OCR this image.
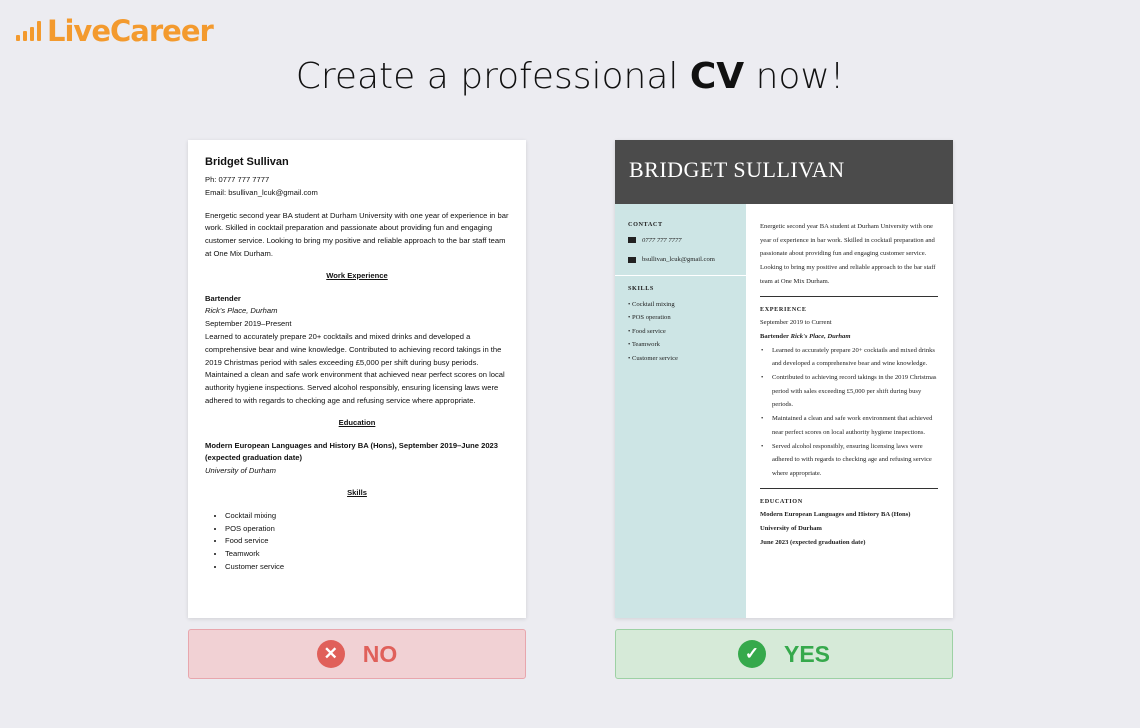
LiveCareer
Create a professional CV now!
Bridget Sullivan

Ph: 0777 777 7777

Email: bsullivan_lcuk@gmail.com

Energetic second year BA student at Durham University with one year of experience in bar work. Skilled in cocktail preparation and passionate about providing fun and engaging customer service. Looking to bring my positive and reliable approach to the bar staff team at One Mix Durham.

Work Experience

Bartender

Rick’s Place, Durham

September 2019–Present

Learned to accurately prepare 20+ cocktails and mixed drinks and developed a comprehensive bear and wine knowledge. Contributed to achieving record takings in the 2019 Christmas period with sales exceeding £5,000 per shift during busy periods. Maintained a clean and safe work environment that achieved near perfect scores on local authority hygiene inspections. Served alcohol responsibly, ensuring licensing laws were adhered to with regards to checking age and refusing service where appropriate.

Education

Modern European Languages and History BA (Hons), September 2019–June 2023 (expected graduation date)

University of Durham

Skills
• Cocktail mixing
• POS operation
• Food service
• Teamwork
• Customer service
BRIDGET SULLIVAN
CONTACT
0777 777 7777
bsullivan_lcuk@gmail.com
SKILLS
• Cocktail mixing
• POS operation
• Food service
• Teamwork
• Customer service
Energetic second year BA student at Durham University with one year of experience in bar work. Skilled in cocktail preparation and passionate about providing fun and engaging customer service. Looking to bring my positive and reliable approach to the bar staff team at One Mix Durham.
EXPERIENCE
September 2019 to Current
Bartender Rick's Place, Durham
• Learned to accurately prepare 20+ cocktails and mixed drinks and developed a comprehensive bear and wine knowledge.
• Contributed to achieving record takings in the 2019 Christmas period with sales exceeding £5,000 per shift during busy periods.
• Maintained a clean and safe work environment that achieved near perfect scores on local authority hygiene inspections.
• Served alcohol responsibly, ensuring licensing laws were adhered to with regards to checking age and refusing service where appropriate.
EDUCATION
Modern European Languages and History BA (Hons)
University of Durham
June 2023 (expected graduation date)
✕ NO	✓ YES
